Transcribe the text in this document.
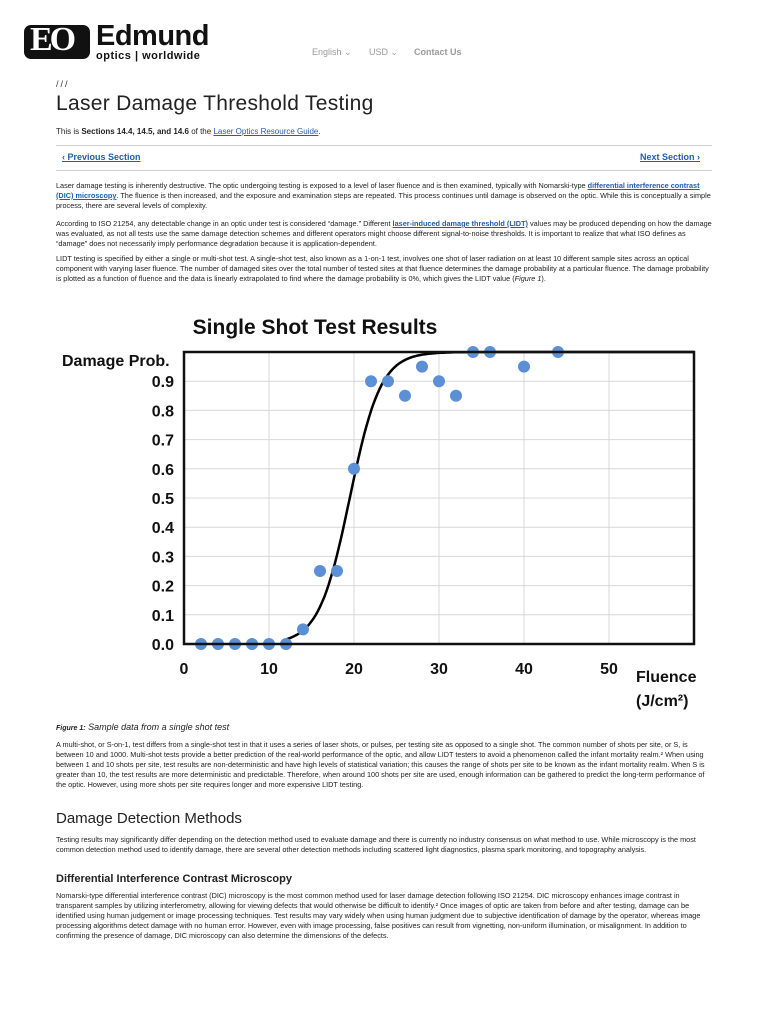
EO Edmund
optics | worldwide	English ⌄ USD ⌄ Contact Us
///
Laser Damage Threshold Testing
This is Sections 14.4, 14.5, and 14.6 of the Laser Optics Resource Guide.
‹ Previous Section	Next Section ›

Laser damage testing is inherently destructive. The optic undergoing testing is exposed to a level of laser fluence and is then examined, typically with Nomarski-type differential interference contrast (DIC) microscopy. The fluence is then increased, and the exposure and examination steps are repeated. This process continues until damage is observed on the optic. While this is conceptually a simple process, there are several levels of complexity.

According to ISO 21254, any detectable change in an optic under test is considered “damage.” Different laser-induced damage threshold (LIDT) values may be produced depending on how the damage was evaluated, as not all tests use the same damage detection schemes and different operators might choose different signal-to-noise thresholds. It is important to realize that what ISO defines as “damage” does not necessarily imply performance degradation because it is application-dependent.

LIDT testing is specified by either a single or multi-shot test. A single-shot test, also known as a 1-on-1 test, involves one shot of laser radiation on at least 10 different sample sites across an optical component with varying laser fluence. The number of damaged sites over the total number of tested sites at that fluence determines the damage probability at a particular fluence. The damage probability is plotted as a function of fluence and the data is linearly extrapolated to find where the damage probability is 0%, which gives the LIDT value (Figure 1).

Single Shot Test Results
Damage Prob.
Fluence
(J/cm²)
0.0
0.1
0.2
0.3
0.4
0.5
0.6
0.7
0.8
0.9
0	10	20	30	40	50
Figure 1: Sample data from a single shot test

A multi-shot, or S-on-1, test differs from a single-shot test in that it uses a series of laser shots, or pulses, per testing site as opposed to a single shot. The common number of shots per site, or S, is between 10 and 1000. Multi-shot tests provide a better prediction of the real-world performance of the optic, and allow LIDT testers to avoid a phenomenon called the infant mortality realm.² When using between 1 and 10 shots per site, test results are non-deterministic and have high levels of statistical variation; this causes the range of shots per site to be known as the infant mortality realm. When S is greater than 10, the test results are more deterministic and predictable. Therefore, when around 100 shots per site are used, enough information can be gathered to predict the long-term performance of the optic. However, using more shots per site requires longer and more expensive LIDT testing.

Damage Detection Methods

Testing results may significantly differ depending on the detection method used to evaluate damage and there is currently no industry consensus on what method to use. While microscopy is the most common detection method used to identify damage, there are several other detection methods including scattered light diagnostics, plasma spark monitoring, and topography analysis.

Differential Interference Contrast Microscopy

Nomarski-type differential interference contrast (DIC) microscopy is the most common method used for laser damage detection following ISO 21254. DIC microscopy enhances image contrast in transparent samples by utilizing interferometry, allowing for viewing defects that would otherwise be difficult to identify.² Once images of optic are taken from before and after testing, damage can be identified using human judgement or image processing techniques. Test results may vary widely when using human judgment due to subjective identification of damage by the operator, whereas image processing algorithms detect damage with no human error. However, even with image processing, false positives can result from vignetting, non-uniform illumination, or misalignment. In addition to confirming the presence of damage, DIC microscopy can also determine the dimensions of the defects.
